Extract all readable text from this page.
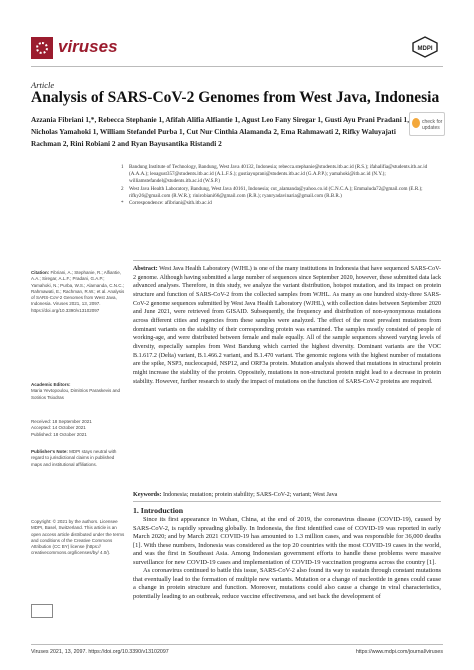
viruses	MDPI
Article
Analysis of SARS-CoV-2 Genomes from West Java, Indonesia
Azzania Fibriani 1,*, Rebecca Stephanie 1, Afifah Alifia Alfiantie 1, Agust Leo Fany Siregar 1, Gusti Ayu Prani Pradani 1, Nicholas Yamahoki 1, William Stefandel Purba 1, Cut Nur Cinthia Alamanda 2, Ema Rahmawati 2, Rifky Waluyajati Rachman 2, Rini Robiani 2 and Ryan Bayusantika Ristandi 2
check for updates

1 Bandung Institute of Technology, Bandung, West Java 40132, Indonesia; rebecca.stephanie@students.itb.ac.id (R.S.); ifahalifia@students.itb.ac.id (A.A.A.); leoagust357@students.itb.ac.id (A.L.F.S.); gustiayuprani@students.itb.ac.id (G.A.P.P.); yamahoki@itb.ac.id (N.Y.); williamstefandel@students.itb.ac.id (W.S.P.)

2 West Java Health Laboratory, Bandung, West Java 40161, Indonesia; cut_alamanda@yahoo.co.id (C.N.C.A.); Emmaluda72@gmail.com (E.R.); rifky26@gmail.com (R.W.R.); rinirobiani66@gmail.com (R.R.); ryanryadavinaria@gmail.com (R.B.R.)

* Correspondence: afibriani@sith.itb.ac.id

Abstract: West Java Health Laboratory (WJHL) is one of the many institutions in Indonesia that have sequenced SARS-CoV-2 genome. Although having submitted a large number of sequences since September 2020, however, these submitted data lack advanced analyses. Therefore, in this study, we analyze the variant distribution, hotspot mutation, and its impact on protein structure and function of SARS-CoV-2 from the collected samples from WJHL. As many as one hundred sixty-three SARS-CoV-2 genome sequences submitted by West Java Health Laboratory (WJHL), with collection dates between September 2020 and June 2021, were retrieved from GISAID. Subsequently, the frequency and distribution of non-synonymous mutations across different cities and regencies from these samples were analyzed. The effect of the most prevalent mutations from dominant variants on the stability of their corresponding protein was examined. The samples mostly consisted of people of working-age, and were distributed between female and male equally. All of the sample sequences showed varying levels of diversity, especially samples from West Bandung which carried the highest diversity. Dominant variants are the VOC B.1.617.2 (Delta) variant, B.1.466.2 variant, and B.1.470 variant. The genomic regions with the highest number of mutations are the spike, NSP3, nucleocapsid, NSP12, and ORF3a protein. Mutation analysis showed that mutations in structural protein might increase the stability of the protein. Oppositely, mutations in non-structural protein might lead to a decrease in protein stability. However, further research to study the impact of mutations on the function of SARS-CoV-2 proteins are required.
Keywords: Indonesia; mutation; protein stability; SARS-CoV-2; variant; West Java
Citation: Fibriani, A.; Stephanie, R.; Alfiantie, A.A.; Siregar, A.L.F.; Pradani, G.A.P.; Yamahoki, N.; Purba, W.S.; Alamanda, C.N.C.; Rahmawati, E.; Rachman, R.W.; et al. Analysis of SARS-CoV-2 Genomes from West Java, Indonesia. Viruses 2021, 13, 2097. https://doi.org/10.3390/v13102097
Academic Editors:
Maria Yevtopoulou, Dimitrios Paraskevis and Sotirios Tsiodras
Received: 18 September 2021
Accepted: 14 October 2021
Published: 18 October 2021
Publisher's Note: MDPI stays neutral with regard to jurisdictional claims in published maps and institutional affiliations.
Copyright: © 2021 by the authors. Licensee MDPI, Basel, Switzerland. This article is an open access article distributed under the terms and conditions of the Creative Commons Attribution (CC BY) license (https:// creativecommons.org/licenses/by/ 4.0/).
1. Introduction

Since its first appearance in Wuhan, China, at the end of 2019, the coronavirus disease (COVID-19), caused by SARS-CoV-2, is rapidly spreading globally. In Indonesia, the first identified case of COVID-19 was reported in early March 2020; and by March 2021 COVID-19 has amounted to 1.3 million cases, and was responsible for 36,000 deaths [1]. With these numbers, Indonesia was considered as the top 20 countries with the most COVID-19 cases in the world, and was the first in Southeast Asia. Among Indonesian government efforts to handle these problems were massive surveillance for new COVID-19 cases and implementation of COVID-19 vaccination programs across the country [1].

As coronavirus continued to battle this issue, SARS-CoV-2 also found its way to sustain through constant mutations that eventually lead to the formation of multiple new variants. Mutation or a change of nucleotide in genes could cause a change in protein structure and function. Moreover, mutations could also cause a change in viral characteristics, potentially leading to an outbreak, reduce vaccine effectiveness, and set back the development of

Viruses 2021, 13, 2097. https://doi.org/10.3390/v13102097	https://www.mdpi.com/journal/viruses
